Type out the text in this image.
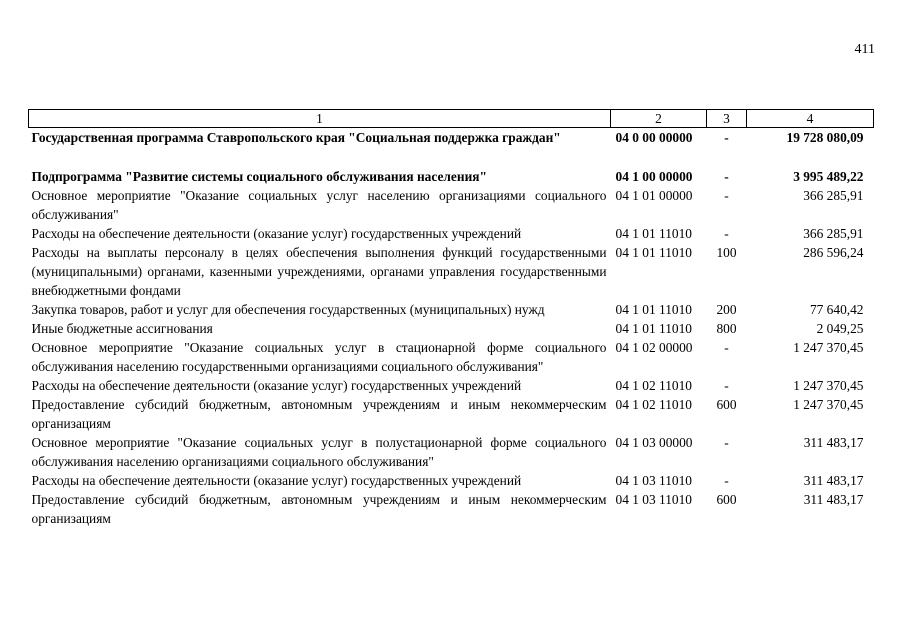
411
1	2	3	4
Государственная программа Ставропольского края "Социальная поддержка граждан"	04 0 00 00000	-	19 728 080,09

Подпрограмма "Развитие системы социального обслуживания населения"	04 1 00 00000	-	3 995 489,22
Основное мероприятие "Оказание социальных услуг населению организациями социального обслуживания"	04 1 01 00000	-	366 285,91
Расходы на обеспечение деятельности (оказание услуг) государственных учреждений	04 1 01 11010	-	366 285,91
Расходы на выплаты персоналу в целях обеспечения выполнения функций государственными (муниципальными) органами, казенными учреждениями, органами управления государственными внебюджетными фондами	04 1 01 11010	100	286 596,24
Закупка товаров, работ и услуг для обеспечения государственных (муниципальных) нужд	04 1 01 11010	200	77 640,42
Иные бюджетные ассигнования	04 1 01 11010	800	2 049,25
Основное мероприятие "Оказание социальных услуг в стационарной форме социального обслуживания населению государственными организациями социального обслуживания"	04 1 02 00000	-	1 247 370,45
Расходы на обеспечение деятельности (оказание услуг) государственных учреждений	04 1 02 11010	-	1 247 370,45
Предоставление субсидий бюджетным, автономным учреждениям и иным некоммерческим организациям	04 1 02 11010	600	1 247 370,45
Основное мероприятие "Оказание социальных услуг в полустационарной форме социального обслуживания населению организациями социального обслуживания"	04 1 03 00000	-	311 483,17
Расходы на обеспечение деятельности (оказание услуг) государственных учреждений	04 1 03 11010	-	311 483,17
Предоставление субсидий бюджетным, автономным учреждениям и иным некоммерческим организациям	04 1 03 11010	600	311 483,17
